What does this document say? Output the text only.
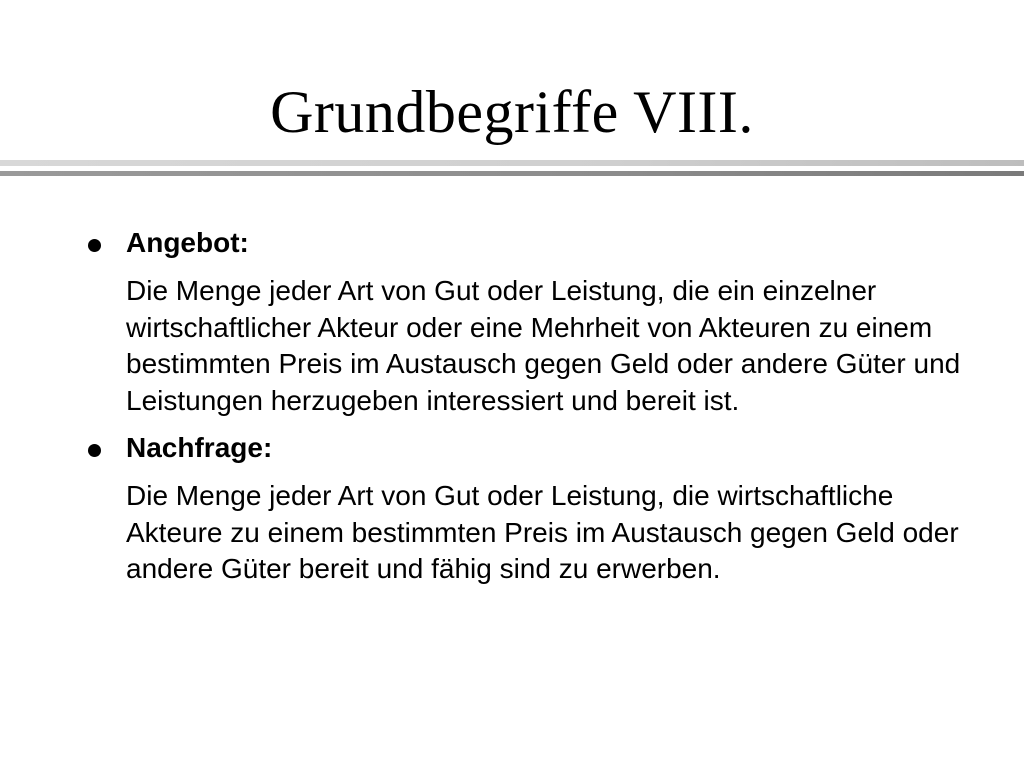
Grundbegriffe VIII.
Angebot:
Die Menge jeder Art von Gut oder Leistung, die ein einzelner wirtschaftlicher Akteur oder eine Mehrheit von Akteuren zu einem bestimmten Preis im Austausch gegen Geld oder andere Güter und Leistungen herzugeben interessiert und bereit ist.
Nachfrage:
Die Menge jeder Art von Gut oder Leistung, die wirtschaftliche Akteure zu einem bestimmten Preis im Austausch gegen Geld oder andere Güter bereit und fähig sind zu erwerben.
